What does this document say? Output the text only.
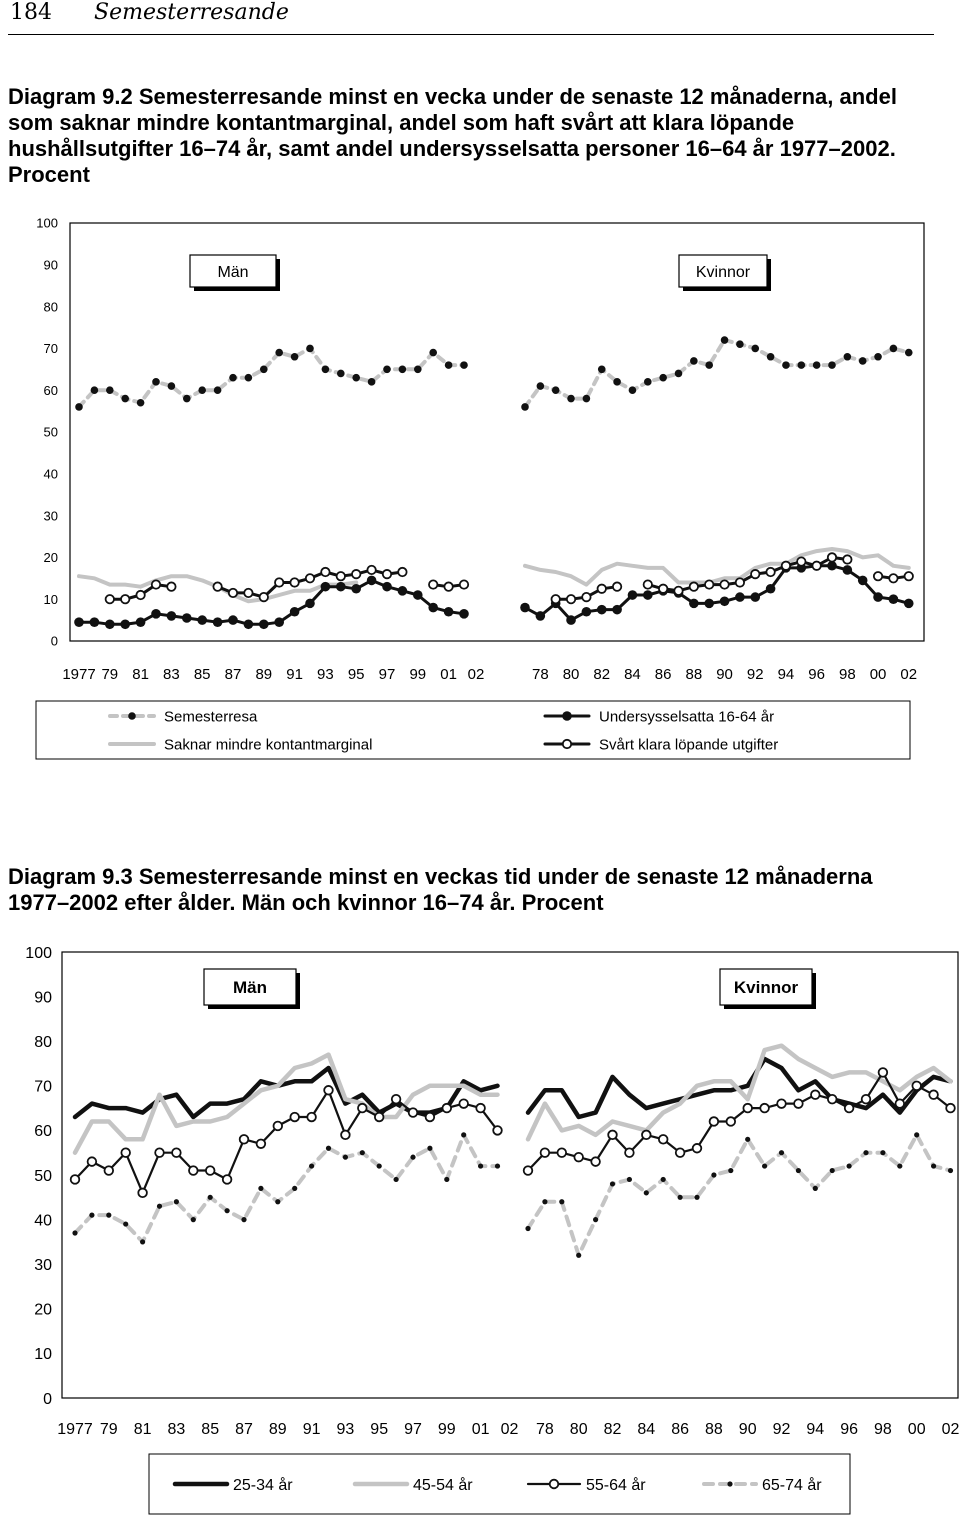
184 Semesterresande
Diagram 9.2 Semesterresande minst en vecka under de senaste 12 månaderna, andel som saknar mindre kontantmarginal, andel som haft svårt att klara löpande hushållsutgifter 16–74 år, samt andel undersysselsatta personer 16–64 år 1977–2002. Procent
0
10
20
30
40
50
60
70
80
90
100
1977 79 81 83 85 87 89 91 93 95 97 99 01 02	78 80 82 84 86 88 90 92 94 96 98 00 02
Män	Kvinnor
Semesterresa	Undersysselsatta 16-64 år
Saknar mindre kontantmarginal	Svårt klara löpande utgifter
Diagram 9.3 Semesterresande minst en veckas tid under de senaste 12 månaderna 1977–2002 efter ålder. Män och kvinnor 16–74 år. Procent
0
10
20
30
40
50
60
70
80
90
100
1977 79 81 83 85 87 89 91 93 95 97 99 01 02 78 80 82 84 86 88 90 92 94 96 98 00 02
Män	Kvinnor
25-34 år	45-54 år	55-64 år	65-74 år
